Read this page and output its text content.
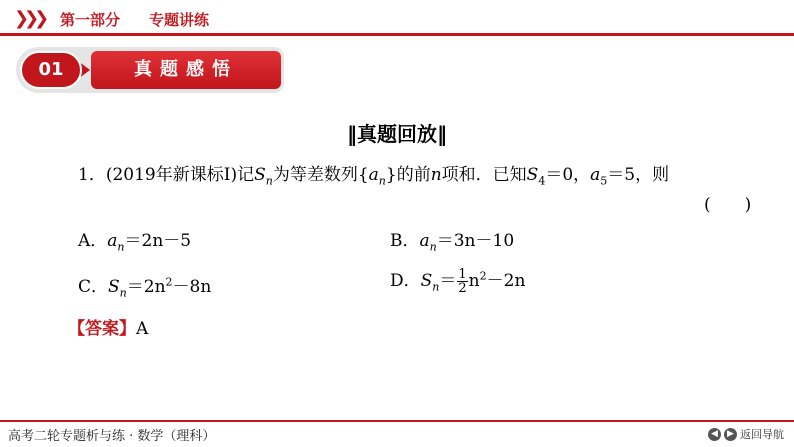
❯❯❯ 第一部分 专题讲练
真题感悟
01
‖真题回放‖
1．(2019年新课标Ⅰ)记$S_n$为等差数列$\{a_n\}$的前n项和．已知$S_4=0$，$a_5=5$，则
(　　)
A．$a_n=2n-5$	B．$a_n=3n-10$
C．$S_n=2n^2-8n$	D．$S_n= \frac{1}{2} n^2-2n$
【答案】A
高考二轮专题析与练 · 数学（理科）	◀	▶ 返回导航
